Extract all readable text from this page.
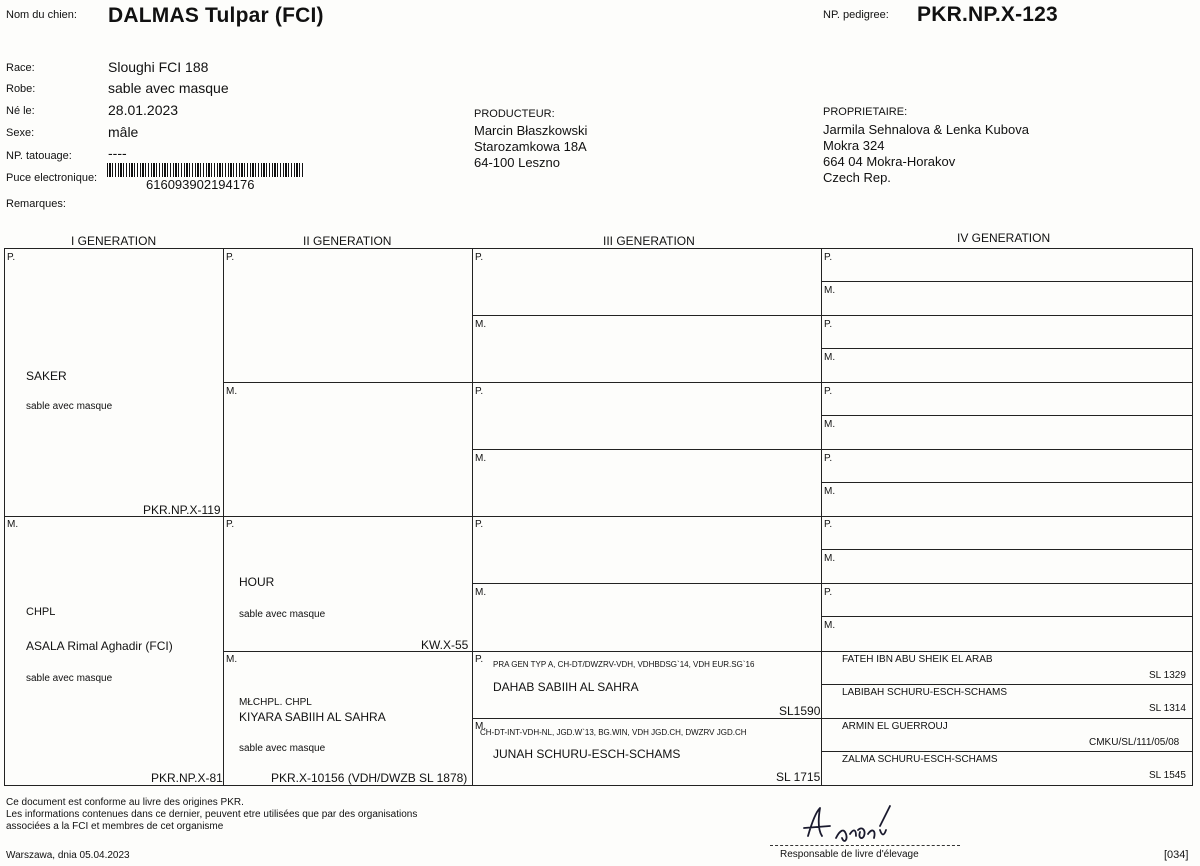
Nom du chien: DALMAS Tulpar (FCI)	NP. pedigree: PKR.NP.X-123
Race:	Sloughi FCI 188
Robe:	sable avec masque
Né le:	28.01.2023
Sexe:	mâle
NP. tatouage:	----
Puce electronique:	616093902194176
Remarques:
PRODUCTEUR:
Marcin Błaszkowski
Starozamkowa 18A
64-100 Leszno
PROPRIETAIRE:
Jarmila Sehnalova & Lenka Kubova
Mokra 324
664 04 Mokra-Horakov
Czech Rep.
I GENERATION	II GENERATION	III GENERATION	IV GENERATION
P.
M.
P.
M.
P.
M.
P.
M.
P.
M.
P.
M.
P.
M.
P.
M.
P.
M.
P.
M.
P.
M.
P.
M.
P.
M.
SAKER
sable avec masque
PKR.NP.X-119
CHPL
ASALA Rimal Aghadir (FCI)
sable avec masque
PKR.NP.X-81
HOUR
sable avec masque
KW.X-55
MŁCHPL. CHPL
KIYARA SABIIH AL SAHRA
sable avec masque
PKR.X-10156 (VDH/DWZB SL 1878)
PRA GEN TYP A, CH-DT/DWZRV-VDH, VDHBDSG`14, VDH EUR.SG`16
DAHAB SABIIH AL SAHRA
SL1590
CH-DT-INT-VDH-NL, JGD.W`13, BG.WIN, VDH JGD.CH, DWZRV JGD.CH
JUNAH SCHURU-ESCH-SCHAMS
SL 1715
FATEH IBN ABU SHEIK EL ARAB
SL 1329
LABIBAH SCHURU-ESCH-SCHAMS
SL 1314
ARMIN EL GUERROUJ
CMKU/SL/111/05/08
ZALMA SCHURU-ESCH-SCHAMS
SL 1545
Ce document est conforme au livre des origines PKR.
Les informations contenues dans ce dernier, peuvent etre utilisées que par des organisations
associées a la FCI et membres de cet organisme
Warszawa, dnia 05.04.2023	Responsable de livre d'élevage	[034]
